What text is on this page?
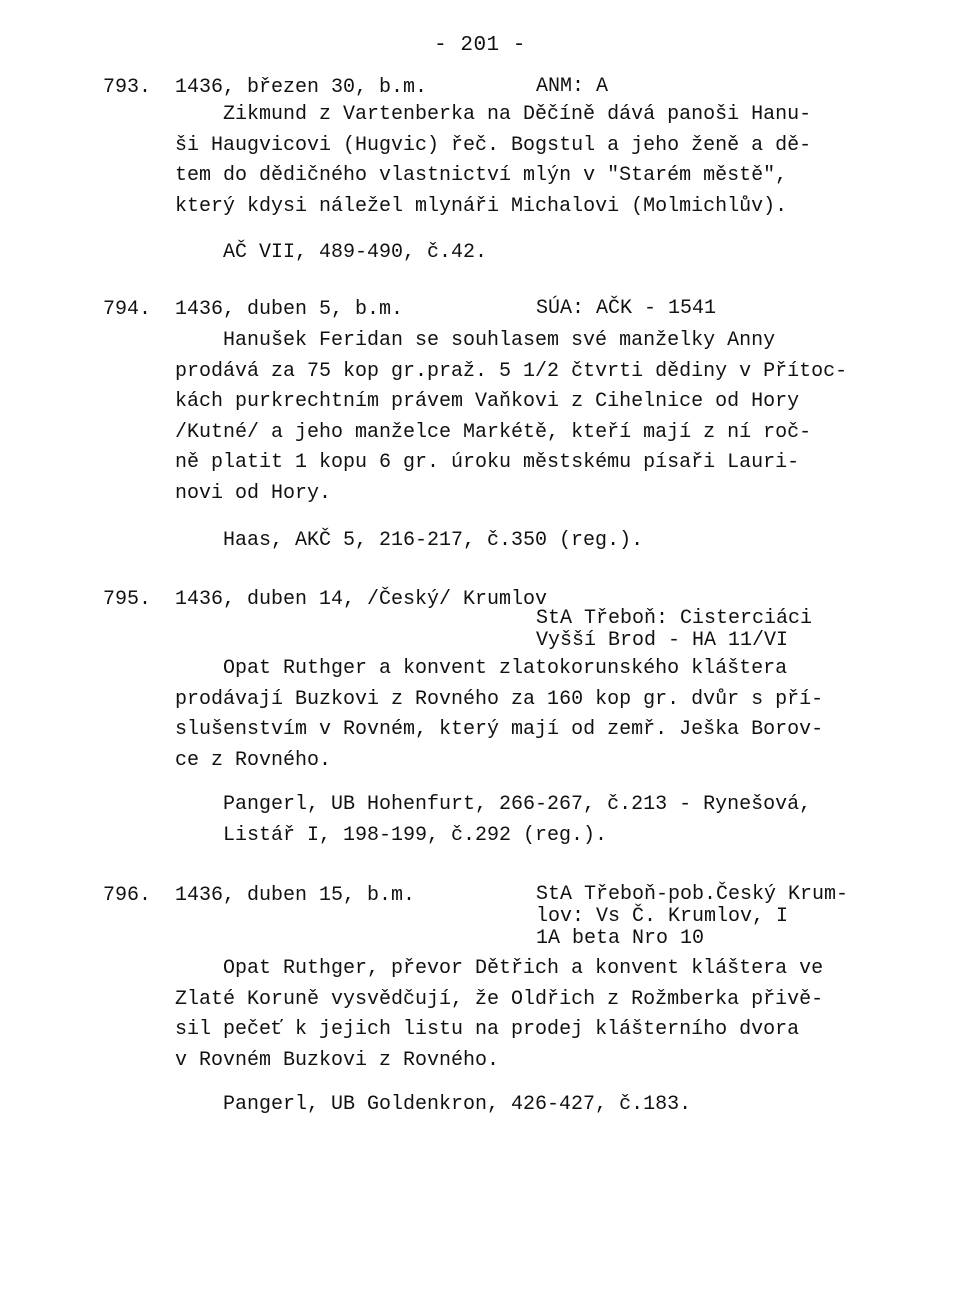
- 201 -
793. 1436, březen 30, b.m.	ANM: A
Zikmund z Vartenberka na Děčíně dává panoši Hanu-
ši Haugvicovi (Hugvic) řeč. Bogstul a jeho ženě a dě-
tem do dědičného vlastnictví mlýn v "Starém městě",
který kdysi náležel mlynáři Michalovi (Molmichlův).
AČ VII, 489-490, č.42.
794. 1436, duben 5, b.m.	SÚA: AČK - 1541
Hanušek Feridan se souhlasem své manželky Anny
prodává za 75 kop gr.praž. 5 1/2 čtvrti dědiny v Přítoc-
kách purkrechtním právem Vaňkovi z Cihelnice od Hory
/Kutné/ a jeho manželce Markétě, kteří mají z ní roč-
ně platit 1 kopu 6 gr. úroku městskému písaři Lauri-
novi od Hory.
Haas, AKČ 5, 216-217, č.350 (reg.).
795. 1436, duben 14, /Český/ Krumlov
StA Třeboň: Cisterciáci
Vyšší Brod - HA 11/VI
Opat Ruthger a konvent zlatokorunského kláštera
prodávají Buzkovi z Rovného za 160 kop gr. dvůr s pří-
slušenstvím v Rovném, který mají od zemř. Ješka Borov-
ce z Rovného.
Pangerl, UB Hohenfurt, 266-267, č.213 - Rynešová,
Listář I, 198-199, č.292 (reg.).
796. 1436, duben 15, b.m.	StA Třeboň-pob.Český Krum-
lov: Vs Č. Krumlov, I
1A beta Nro 10
Opat Ruthger, převor Dětřich a konvent kláštera ve
Zlaté Koruně vysvědčují, že Oldřich z Rožmberka přivě-
sil pečeť k jejich listu na prodej klášterního dvora
v Rovném Buzkovi z Rovného.
Pangerl, UB Goldenkron, 426-427, č.183.
